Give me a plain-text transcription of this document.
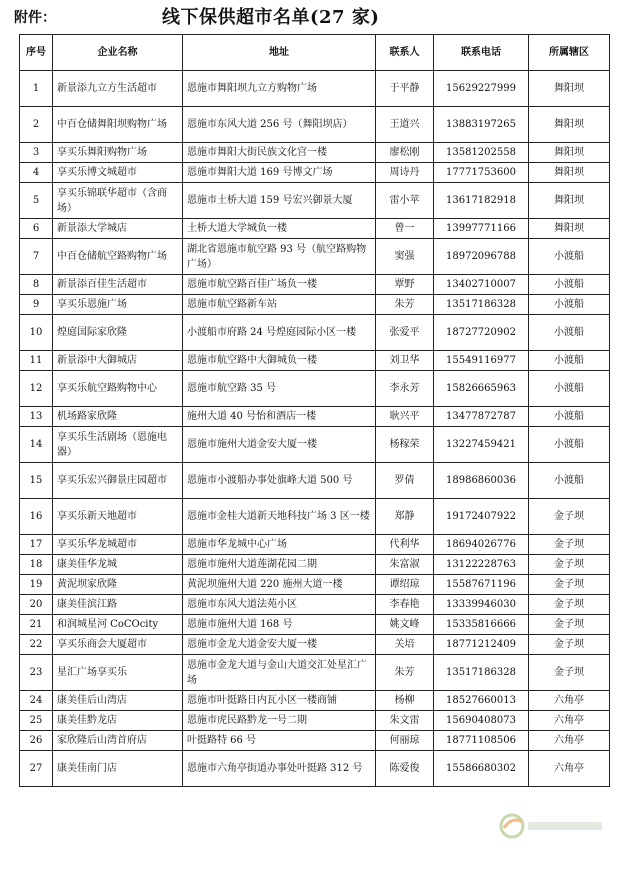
附件：	线下保供超市名单(27 家)
序号	企业名称	地址	联系人	联系电话	所属辖区
1	新景添九立方生活超市	恩施市舞阳坝九立方购物广场	于平静	15629227999	舞阳坝
2	中百仓储舞阳坝购物广场	恩施市东风大道 256 号（舞阳坝店）	王道兴	13883197265	舞阳坝
3	享买乐舞阳购物广场	恩施市舞阳大街民族文化宫一楼	廖松刚	13581202558	舞阳坝
4	享买乐博文城超市	恩施市舞阳大道 169 号博文广场	周诗丹	17771753600	舞阳坝
5	享买乐锦联华超市（含商场）	恩施市土桥大道 159 号宏兴御景大厦	雷小苹	13617182918	舞阳坝
6	新景添大学城店	土桥大道大学城负一楼	曾一	13997771166	舞阳坝
7	中百仓储航空路购物广场	湖北省恩施市航空路 93 号（航空路购物广场）	窦强	18972096788	小渡船
8	新景添百佳生活超市	恩施市航空路百佳广场负一楼	覃野	13402710007	小渡船
9	享买乐恩施广场	恩施市航空路新车站	朱芳	13517186328	小渡船
10	煌庭国际家欣隆	小渡船市府路 24 号煌庭园际小区一楼	张爱平	18727720902	小渡船
11	新景添中大御城店	恩施市航空路中大御城负一楼	刘卫华	15549116977	小渡船
12	享买乐航空路购物中心	恩施市航空路 35 号	李永芳	15826665963	小渡船
13	机场路家欣隆	施州大道 40 号怡和酒店一楼	耿兴平	13477872787	小渡船
14	享买乐生活剧场（恩施电器）	恩施市施州大道金安大厦一楼	杨稼荣	13227459421	小渡船
15	享买乐宏兴御景庄园超市	恩施市小渡船办事处旗峰大道 500 号	罗倩	18986860036	小渡船
16	享买乐新天地超市	恩施市金桂大道新天地科技广场 3 区一楼	郑静	19172407922	金子坝
17	享买乐华龙城超市	恩施市华龙城中心广场	代利华	18694026776	金子坝
18	康美佳华龙城	恩施市施州大道莲湖花园二期	朱富淑	13122228763	金子坝
19	黄泥坝家欣隆	黄泥坝施州大道 220 施州大道一楼	谭绍琼	15587671196	金子坝
20	康美佳滨江路	恩施市东风大道法苑小区	李春艳	13339946030	金子坝
21	和润城星河 CoCOcity	恩施市施州大道 168 号	姚文峰	15335816666	金子坝
22	享买乐商会大厦超市	恩施市金龙大道金安大厦一楼	关培	18771212409	金子坝
23	星汇广场享买乐	恩施市金龙大道与金山大道交汇处星汇广场	朱芳	13517186328	金子坝
24	康美佳后山湾店	恩施市叶挺路日内瓦小区一楼商铺	杨柳	18527660013	六角亭
25	康美佳黔龙店	恩施市虎民路黔龙一号二期	朱文雷	15690408073	六角亭
26	家欣隆后山湾首府店	叶挺路特 66 号	何丽琼	18771108506	六角亭
27	康美佳南门店	恩施市六角亭街道办事处叶挺路 312 号	陈爱俊	15586680302	六角亭
